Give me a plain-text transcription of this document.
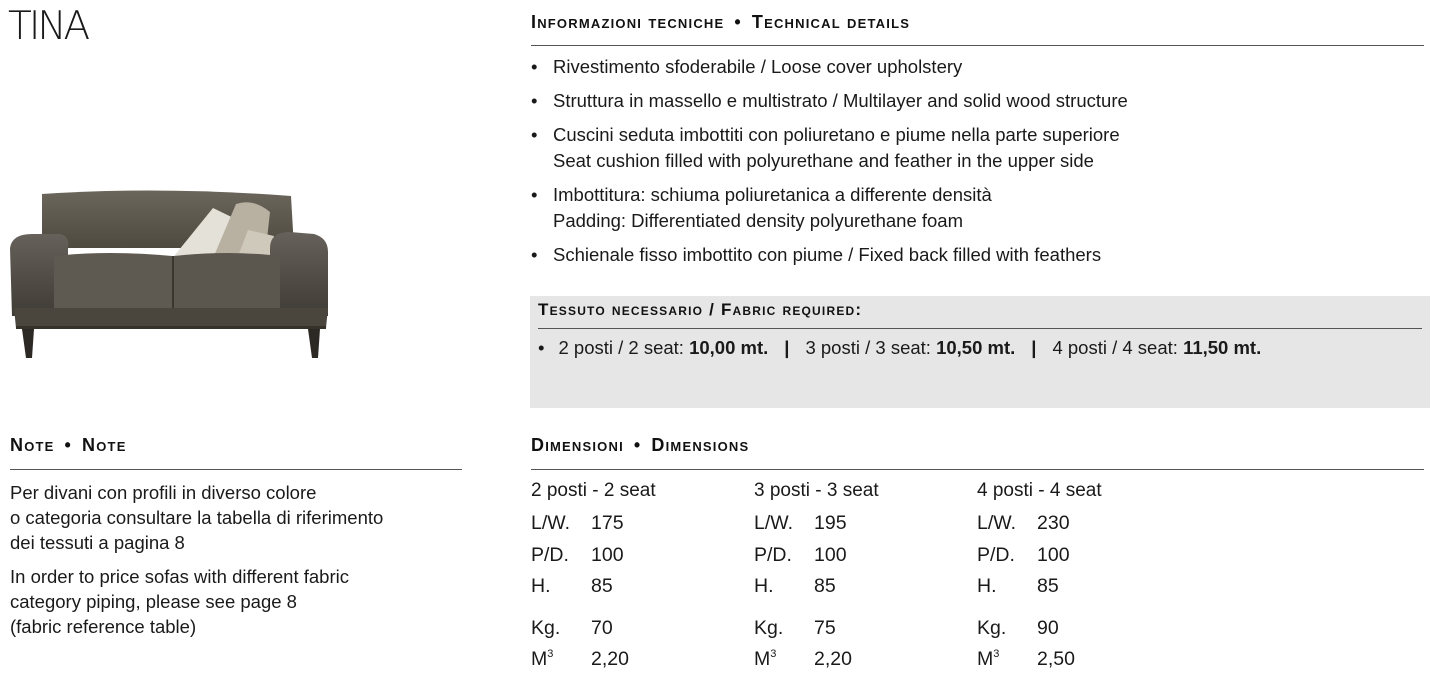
TINA	Informazioni tecniche • Technical details
• Rivestimento sfoderabile / Loose cover upholstery
• Struttura in massello e multistrato / Multilayer and solid wood structure
• Cuscini seduta imbottiti con poliuretano e piume nella parte superiore
Seat cushion filled with polyurethane and feather in the upper side
• Imbottitura: schiuma poliuretanica a differente densità
Padding: Differentiated density polyurethane foam
• Schienale fisso imbottito con piume / Fixed back filled with feathers
Tessuto necessario / Fabric required:
• 2 posti / 2 seat: 10,00 mt. | 3 posti / 3 seat: 10,50 mt. | 4 posti / 4 seat: 11,50 mt.
Note • Note
Per divani con profili in diverso colore
o categoria consultare la tabella di riferimento
dei tessuti a pagina 8
In order to price sofas with different fabric
category piping, please see page 8
(fabric reference table)
Dimensioni • Dimensions
2 posti - 2 seat
L/W.	175
P/D.	100
H.	85
Kg.	70
$M^3$	2,20
3 posti - 3 seat
L/W.	195
P/D.	100
H.	85
Kg.	75
$M^3$	2,20
4 posti - 4 seat
L/W.	230
P/D.	100
H.	85
Kg.	90
$M^3$	2,50
